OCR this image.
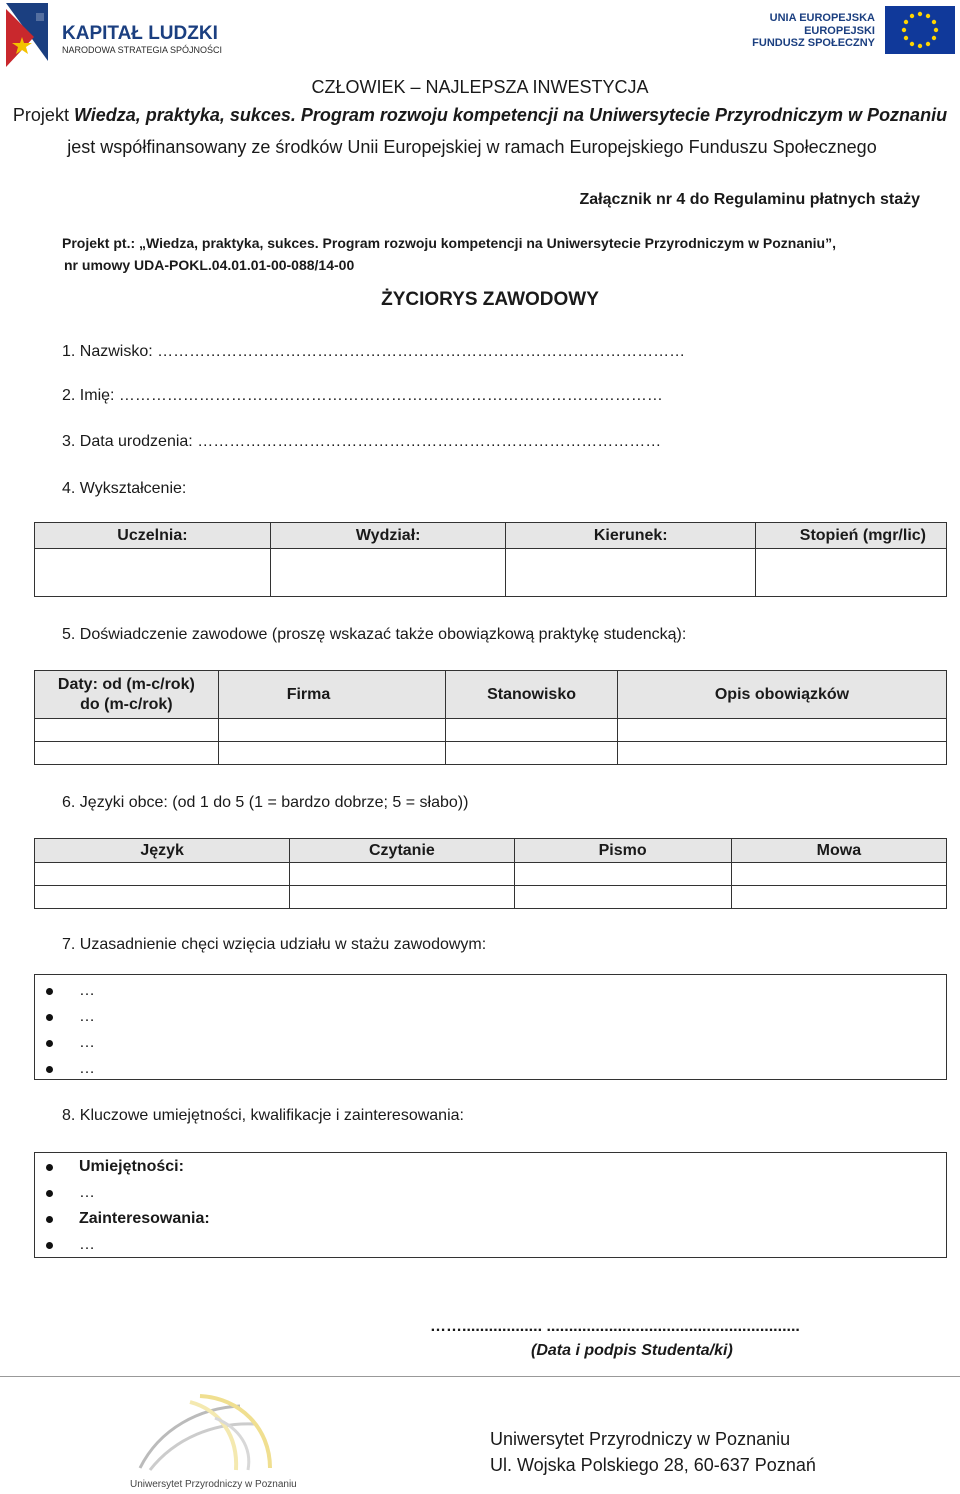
KAPITAŁ LUDZKI
NARODOWA STRATEGIA SPÓJNOŚCI
UNIA EUROPEJSKA
EUROPEJSKI
FUNDUSZ SPOŁECZNY
CZŁOWIEK – NAJLEPSZA INWESTYCJA
Projekt Wiedza, praktyka, sukces. Program rozwoju kompetencji na Uniwersytecie Przyrodniczym w Poznaniu
jest współfinansowany ze środków Unii Europejskiej w ramach Europejskiego Funduszu Społecznego
Załącznik nr 4 do Regulaminu płatnych staży
Projekt pt.: „Wiedza, praktyka, sukces. Program rozwoju kompetencji na Uniwersytecie Przyrodniczym w Poznaniu”,
nr umowy UDA-POKL.04.01.01-00-088/14-00
ŻYCIORYS ZAWODOWY
1. Nazwisko: ………………………………………………………………………………………
2. Imię: …………………………………………………………………………………………
3. Data urodzenia: ……………………………………………………………………………
4. Wykształcenie:
Uczelnia:	Wydział:	Kierunek:	Stopień (mgr/lic)

5. Doświadczenie zawodowe (proszę wskazać także obowiązkową praktykę studencką):
Daty: od (m-c/rok) do (m-c/rok)	Firma	Stanowisko	Opis obowiązków

6. Języki obce: (od 1 do 5 (1 = bardzo dobrze; 5 = słabo))
Język	Czytanie	Pismo	Mowa

7. Uzasadnienie chęci wzięcia udziału w stażu zawodowym:
…
…
…
…
8. Kluczowe umiejętności, kwalifikacje i zainteresowania:
Umiejętności:
…
Zainteresowania:
…
…….................. .........................................................
(Data i podpis Studenta/ki)
Uniwersytet Przyrodniczy w Poznaniu
Uniwersytet Przyrodniczy w Poznaniu
Ul. Wojska Polskiego 28, 60-637 Poznań
